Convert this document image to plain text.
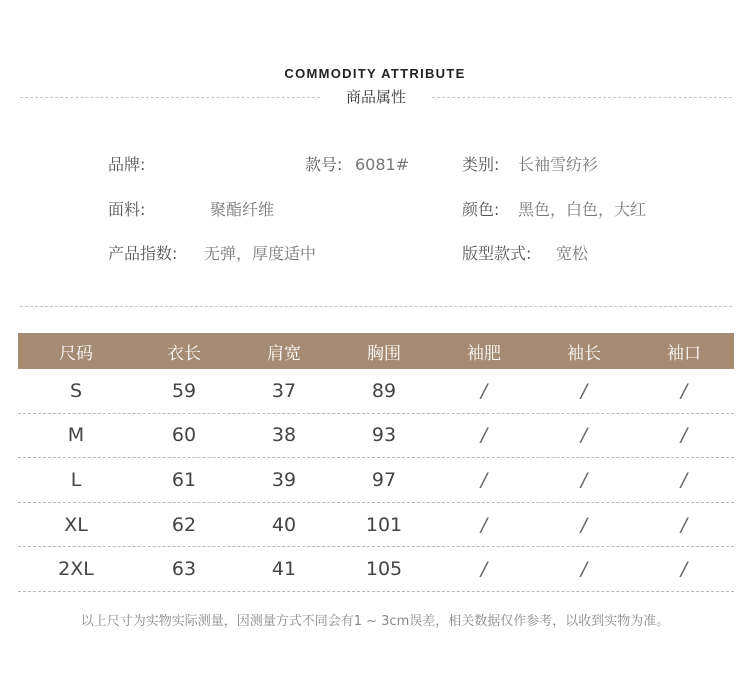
COMMODITY ATTRIBUTE
商品属性
品牌:	款号: 6081#	类别: 长袖雪纺衫
面料:	聚酯纤维	颜色: 黑色，白色，大红
产品指数: 无弹，厚度适中	版型款式: 宽松
尺码	衣长	肩宽	胸围	袖肥	袖长	袖口
S	59	37	89	/	/	/
M	60	38	93	/	/	/
L	61	39	97	/	/	/
XL	62	40	101	/	/	/
2XL	63	41	105	/	/	/
以上尺寸为实物实际测量，因测量方式不同会有1 ~ 3cm误差，相关数据仅作参考，以收到实物为准。
